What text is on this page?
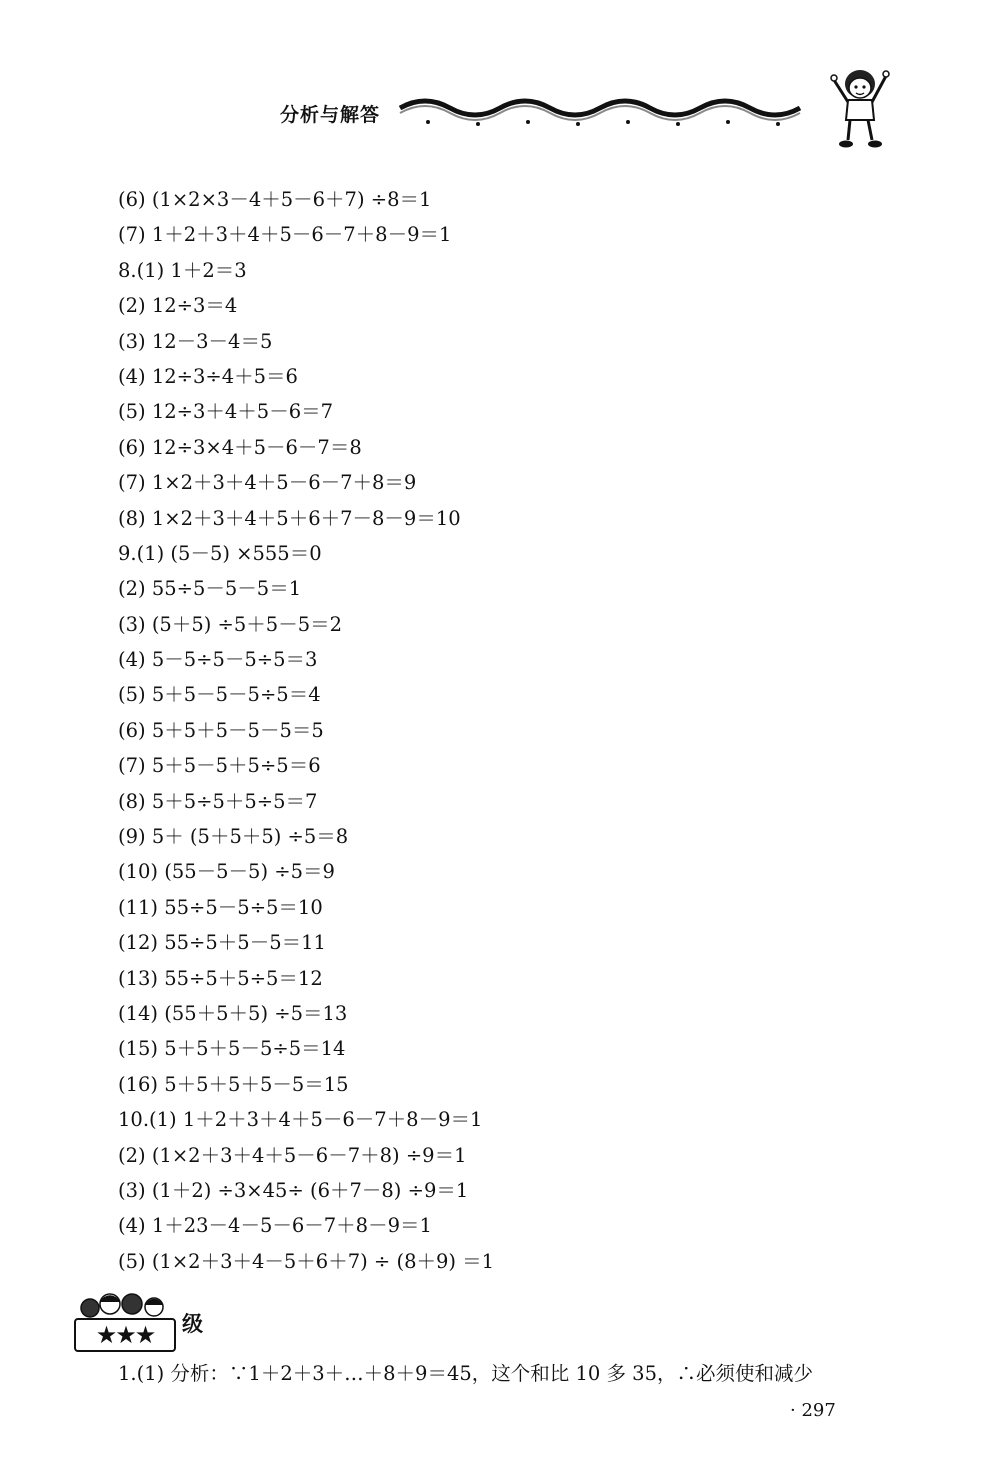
分析与解答
(6) (1×2×3－4＋5－6＋7) ÷8＝1
(7) 1＋2＋3＋4＋5－6－7＋8－9＝1
8.(1) 1＋2＝3
(2) 12÷3＝4
(3) 12－3－4＝5
(4) 12÷3÷4＋5＝6
(5) 12÷3＋4＋5－6＝7
(6) 12÷3×4＋5－6－7＝8
(7) 1×2＋3＋4＋5－6－7＋8＝9
(8) 1×2＋3＋4＋5＋6＋7－8－9＝10
9.(1) (5－5) ×555＝0
(2) 55÷5－5－5＝1
(3) (5＋5) ÷5＋5－5＝2
(4) 5－5÷5－5÷5＝3
(5) 5＋5－5－5÷5＝4
(6) 5＋5＋5－5－5＝5
(7) 5＋5－5＋5÷5＝6
(8) 5＋5÷5＋5÷5＝7
(9) 5＋ (5＋5＋5) ÷5＝8
(10) (55－5－5) ÷5＝9
(11) 55÷5－5÷5＝10
(12) 55÷5＋5－5＝11
(13) 55÷5＋5÷5＝12
(14) (55＋5＋5) ÷5＝13
(15) 5＋5＋5－5÷5＝14
(16) 5＋5＋5＋5－5＝15
10.(1) 1＋2＋3＋4＋5－6－7＋8－9＝1
(2) (1×2＋3＋4＋5－6－7＋8) ÷9＝1
(3) (1＋2) ÷3×45÷ (6＋7－8) ÷9＝1
(4) 1＋23－4－5－6－7＋8－9＝1
(5) (1×2＋3＋4－5＋6＋7) ÷ (8＋9) ＝1
★★★	级
1.(1) 分析：∵1＋2＋3＋…＋8＋9＝45，这个和比 10 多 35，∴必须使和减少
· 297
